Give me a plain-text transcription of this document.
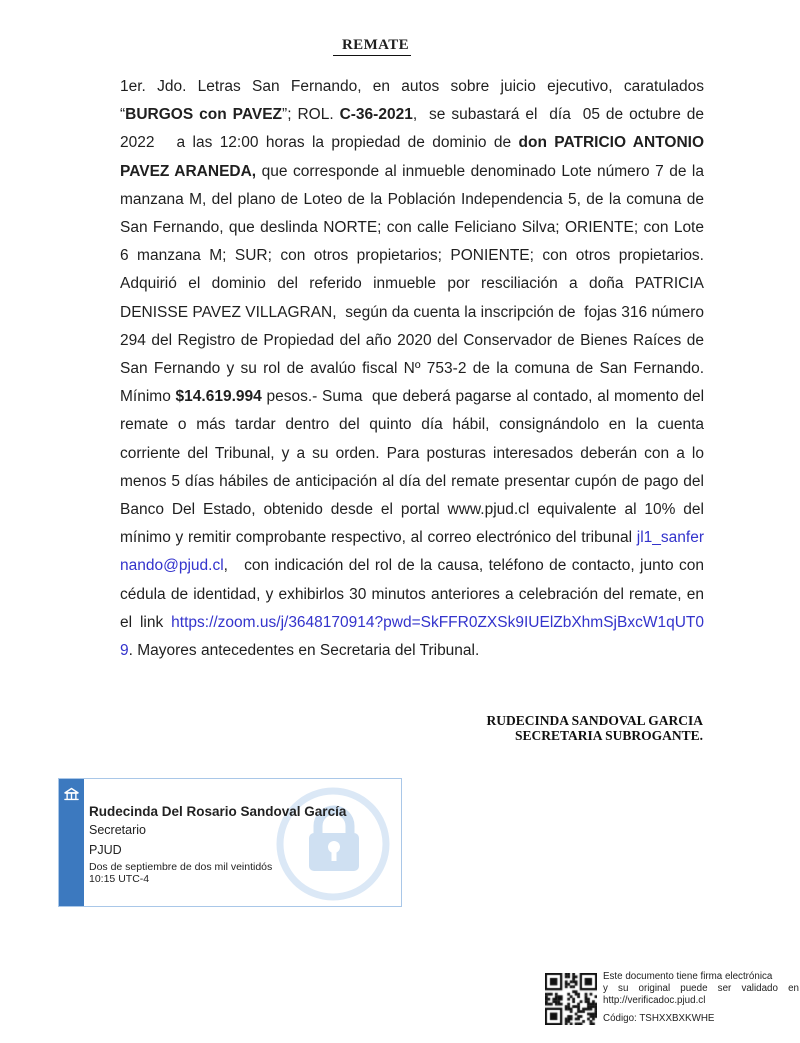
REMATE

1er. Jdo. Letras San Fernando, en autos sobre juicio ejecutivo, caratulados “BURGOS con PAVEZ”; ROL. C-36-2021,  se subastará el  día  05 de octubre de 2022   a las 12:00 horas la propiedad de dominio de don PATRICIO ANTONIO PAVEZ ARANEDA, que corresponde al inmueble denominado Lote número 7 de la manzana M, del plano de Loteo de la Población Independencia 5, de la comuna de San Fernando, que deslinda NORTE; con calle Feliciano Silva; ORIENTE; con Lote 6 manzana M; SUR; con otros propietarios; PONIENTE; con otros propietarios. Adquirió el dominio del referido inmueble por resciliación a doña PATRICIA DENISSE PAVEZ VILLAGRAN,  según da cuenta la inscripción de  fojas 316 número 294 del Registro de Propiedad del año 2020 del Conservador de Bienes Raíces de San Fernando y su rol de avalúo fiscal Nº 753-2 de la comuna de San Fernando. Mínimo $14.619.994 pesos.- Suma  que deberá pagarse al contado, al momento del remate o más tardar dentro del quinto día hábil, consignándolo en la cuenta corriente del Tribunal, y a su orden. Para posturas interesados deberán con a lo menos 5 días hábiles de anticipación al día del remate presentar cupón de pago del Banco Del Estado, obtenido desde el portal www.pjud.cl equivalente al 10% del mínimo y remitir comprobante respectivo, al correo electrónico del tribunal jl1_sanfernando@pjud.cl,   con indicación del rol de la causa, teléfono de contacto, junto con  cédula de identidad, y exhibirlos 30 minutos anteriores a celebración del remate, en el link https://zoom.us/j/3648170914?pwd=SkFFR0ZXSk9IUElZbXhmSjBxcW1qUT09. Mayores antecedentes en Secretaria del Tribunal.

RUDECINDA SANDOVAL GARCIA
SECRETARIA SUBROGANTE.
Rudecinda Del Rosario Sandoval García
Secretario
PJUD
Dos de septiembre de dos mil veintidós
10:15 UTC-4
Este documento tiene firma electrónica
y su original puede ser validado en
http://verificadoc.pjud.cl
Código: TSHXXBXKWHE
